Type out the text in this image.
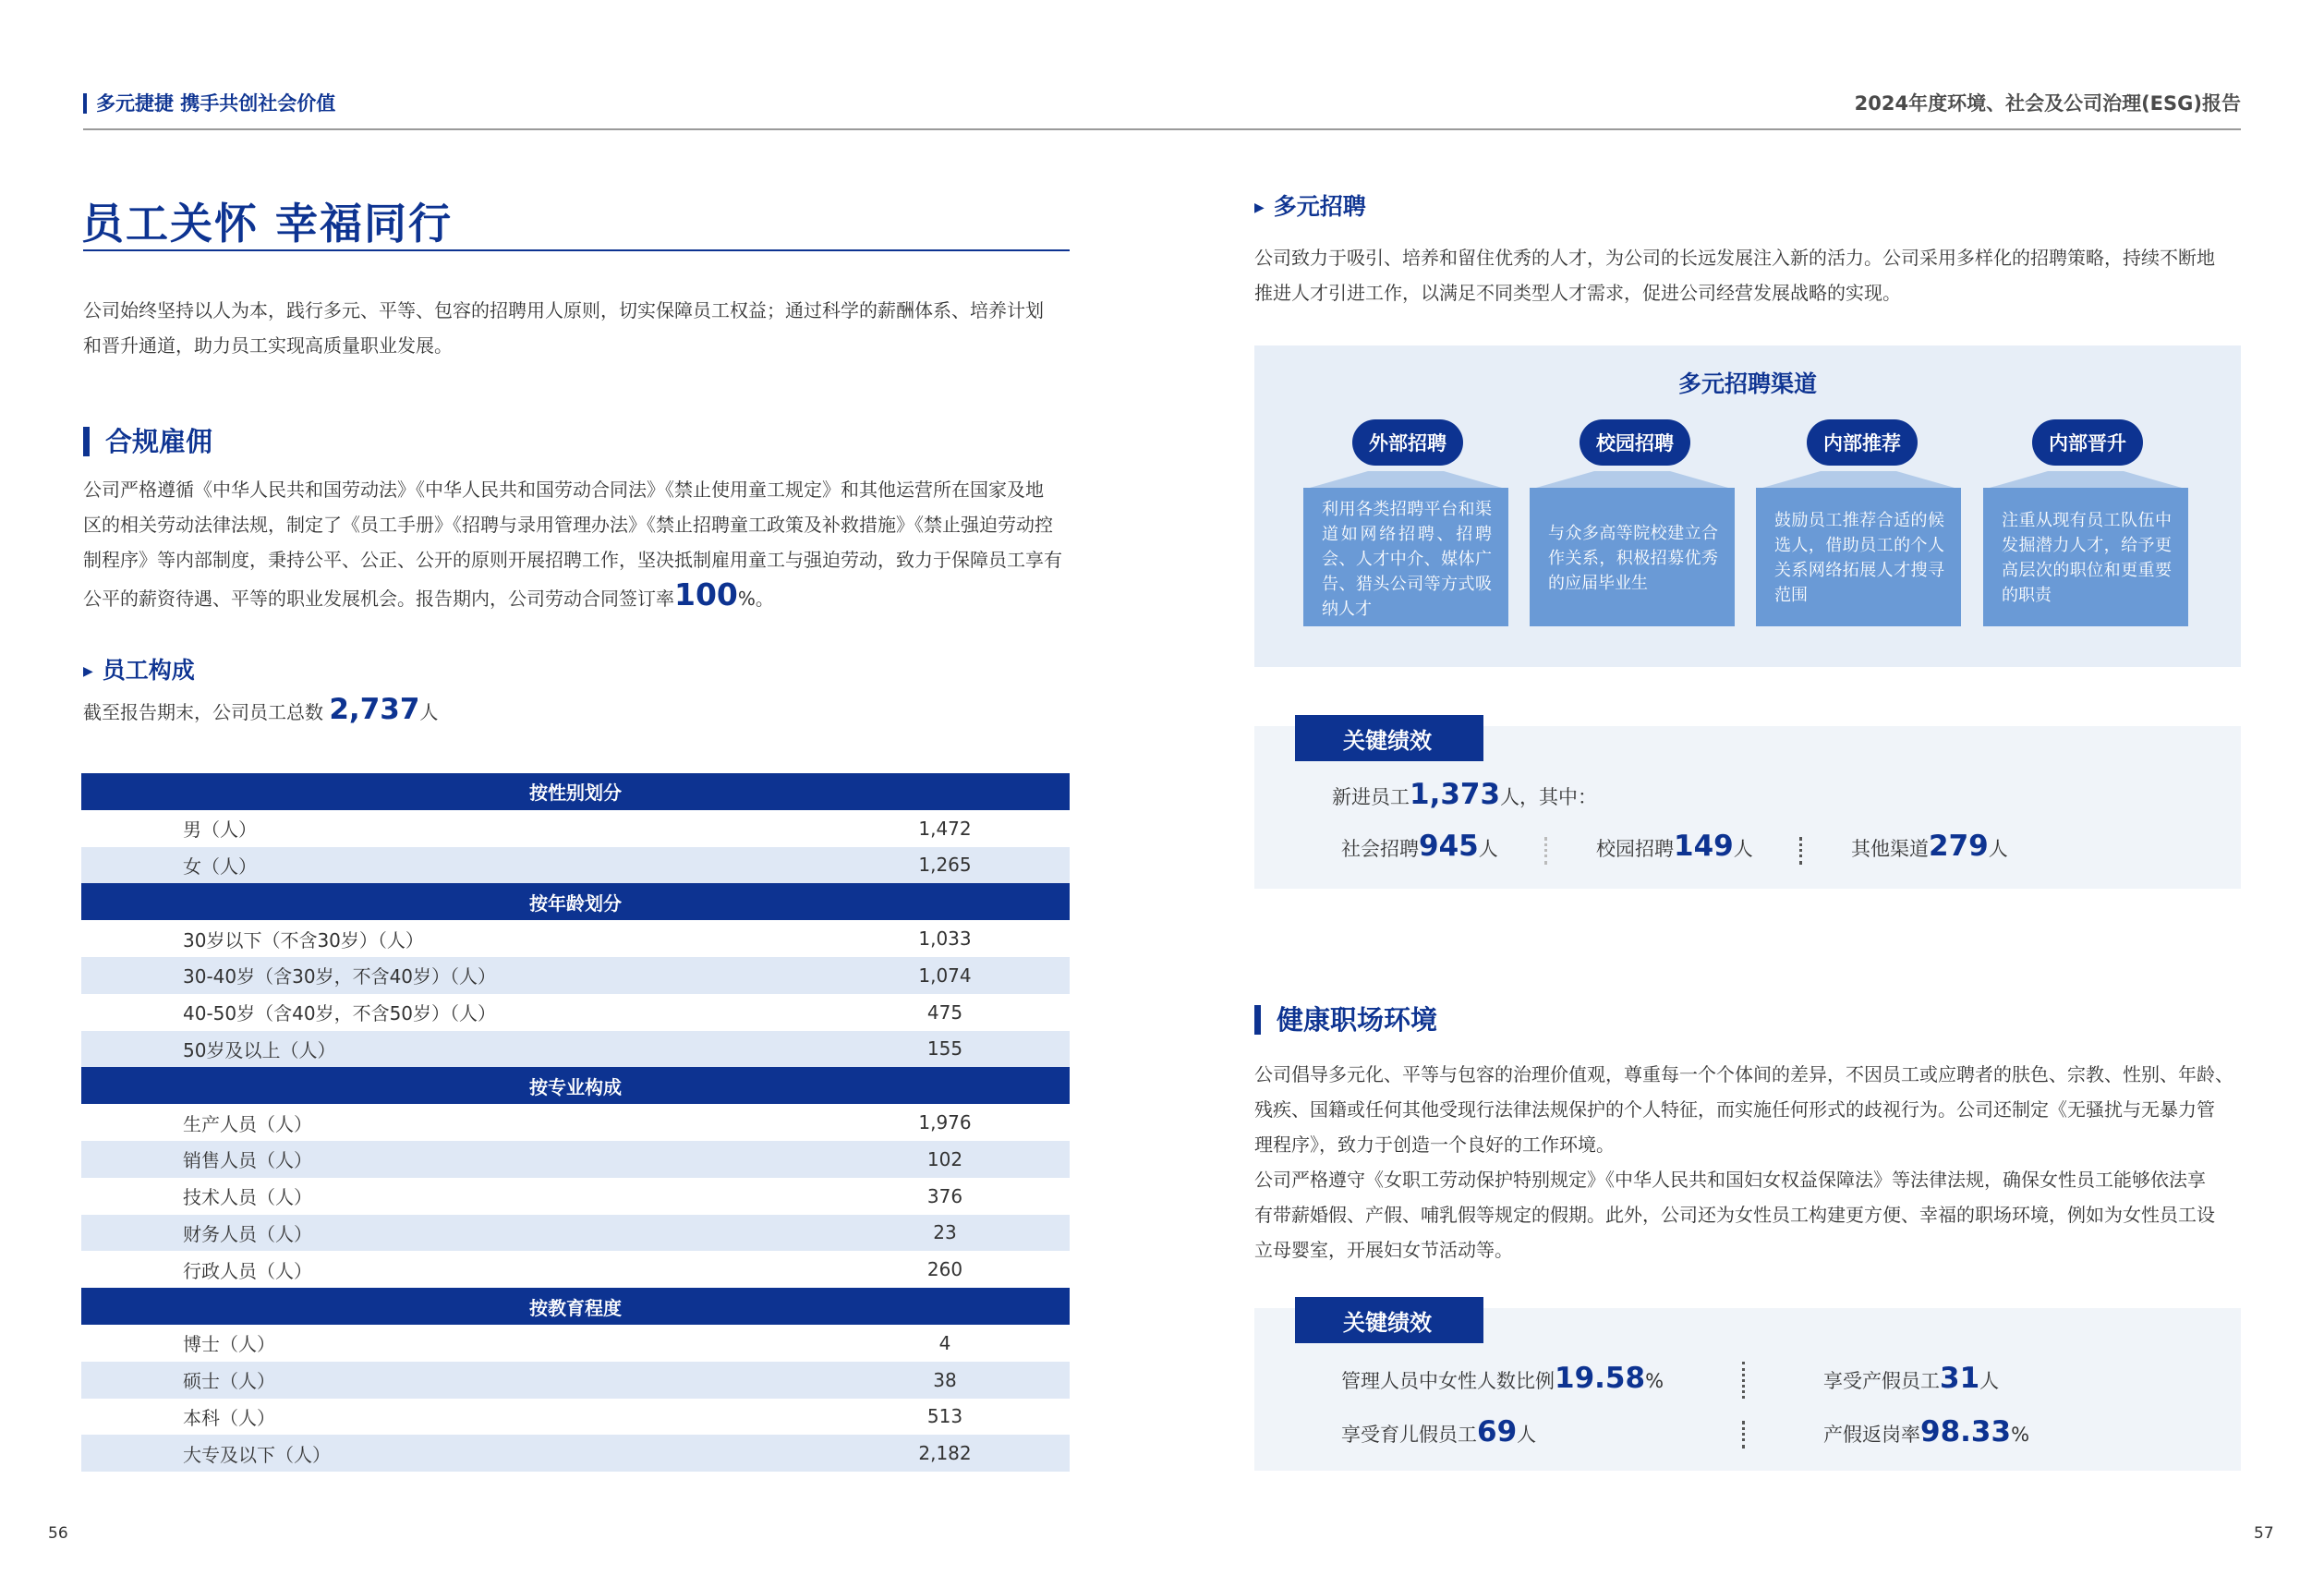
多元捷捷 携手共创社会价值	2024年度环境、社会及公司治理(ESG)报告
员工关怀 幸福同行
公司始终坚持以人为本，践行多元、平等、包容的招聘用人原则，切实保障员工权益；通过科学的薪酬体系、培养计划
和晋升通道，助力员工实现高质量职业发展。
合规雇佣
公司严格遵循《中华人民共和国劳动法》《中华人民共和国劳动合同法》《禁止使用童工规定》和其他运营所在国家及地
区的相关劳动法律法规，制定了《员工手册》《招聘与录用管理办法》《禁止招聘童工政策及补救措施》《禁止强迫劳动控
制程序》等内部制度，秉持公平、公正、公开的原则开展招聘工作，坚决抵制雇用童工与强迫劳动，致力于保障员工享有
公平的薪资待遇、平等的职业发展机会。报告期内，公司劳动合同签订率100%。
▶ 员工构成
截至报告期末，公司员工总数 2,737人
按性别划分
男（人）	1,472
女（人）	1,265
按年龄划分
30岁以下（不含30岁）（人）	1,033
30-40岁（含30岁，不含40岁）（人）	1,074
40-50岁（含40岁，不含50岁）（人）	475
50岁及以上（人）	155
按专业构成
生产人员（人）	1,976
销售人员（人）	102
技术人员（人）	376
财务人员（人）	23
行政人员（人）	260
按教育程度
博士（人）	4
硕士（人）	38
本科（人）	513
大专及以下（人）	2,182
56
▶ 多元招聘
公司致力于吸引、培养和留住优秀的人才，为公司的长远发展注入新的活力。公司采用多样化的招聘策略，持续不断地
推进人才引进工作，以满足不同类型人才需求，促进公司经营发展战略的实现。
多元招聘渠道
外部招聘
利用各类招聘平台和渠道如网络招聘、招聘会、人才中介、媒体广告、猎头公司等方式吸纳人才
校园招聘
与众多高等院校建立合作关系，积极招募优秀的应届毕业生
内部推荐
鼓励员工推荐合适的候选人，借助员工的个人关系网络拓展人才搜寻范围
内部晋升
注重从现有员工队伍中发掘潜力人才，给予更高层次的职位和更重要的职责
关键绩效
新进员工1,373人，其中：
社会招聘945人	校园招聘149人	其他渠道279人
健康职场环境
公司倡导多元化、平等与包容的治理价值观，尊重每一个个体间的差异，不因员工或应聘者的肤色、宗教、性别、年龄、
残疾、国籍或任何其他受现行法律法规保护的个人特征，而实施任何形式的歧视行为。公司还制定《无骚扰与无暴力管
理程序》，致力于创造一个良好的工作环境。
公司严格遵守《女职工劳动保护特别规定》《中华人民共和国妇女权益保障法》等法律法规，确保女性员工能够依法享
有带薪婚假、产假、哺乳假等规定的假期。此外，公司还为女性员工构建更方便、幸福的职场环境，例如为女性员工设
立母婴室，开展妇女节活动等。
关键绩效
管理人员中女性人数比例19.58%	享受产假员工31人
享受育儿假员工69人	产假返岗率98.33%
57
